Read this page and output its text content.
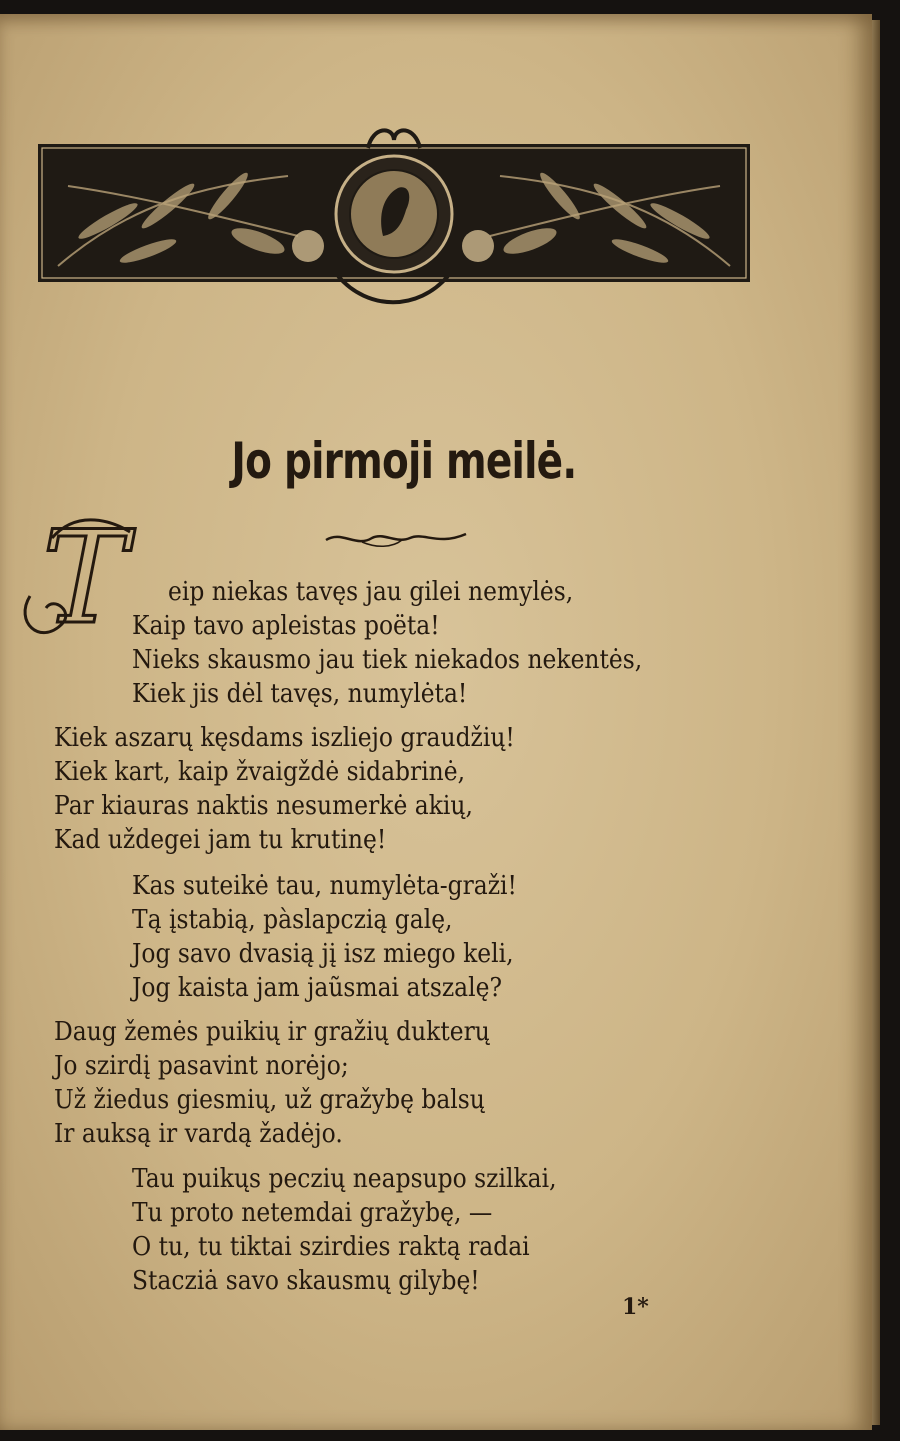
Jo pirmoji meilė.
T	eip niekas tavęs jau gilei nemylės,
Kaip tavo apleistas poëta!
Nieks skausmo jau tiek niekados nekentės,
Kiek jis dėl tavęs, numylėta!
Kiek aszarų kęsdams iszliejo graudžių!
Kiek kart, kaip žvaigždė sidabrinė,
Par kiauras naktis nesumerkė akių,
Kad uždegei jam tu krutinę!
Kas suteikė tau, numylėta-graži!
Tą įstabią, pàslapczią galę,
Jog savo dvasią jį isz miego keli,
Jog kaista jam jaũsmai atszalę?
Daug žemės puikių ir gražių dukterų
Jo szirdį pasavint norėjo;
Už žiedus giesmių, už gražybę balsų
Ir auksą ir vardą žadėjo.
Tau puikųs peczių neapsupo szilkai,
Tu proto netemdai gražybę, —
O tu, tu tiktai szirdies raktą radai
Stacziȧ savo skausmų gilybę!
1*
